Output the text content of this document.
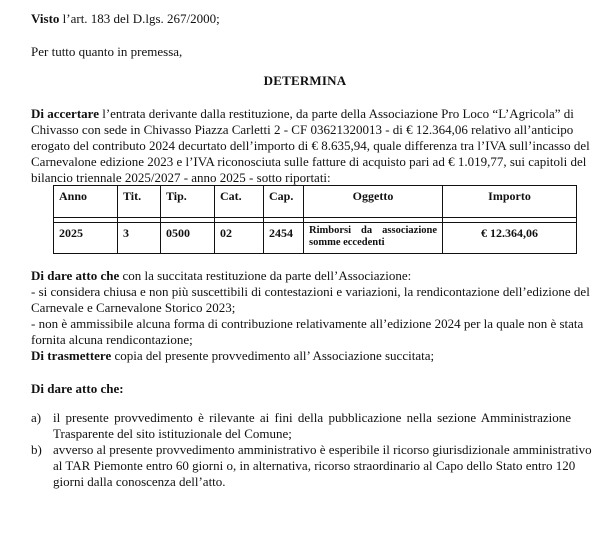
Visto l’art. 183 del D.lgs. 267/2000;
Per tutto quanto in premessa,
DETERMINA
Di accertare l’entrata derivante dalla restituzione, da parte della Associazione Pro Loco “L’Agricola” di
Chivasso con sede in Chivasso Piazza Carletti 2 - CF 03621320013 - di € 12.364,06 relativo all’anticipo
erogato del contributo 2024 decurtato dell’importo di € 8.635,94, quale differenza tra l’IVA sull’incasso del
Carnevalone edizione 2023 e l’IVA riconosciuta sulle fatture di acquisto pari ad € 1.019,77, sui capitoli del
bilancio triennale 2025/2027 - anno 2025 - sotto riportati:
Anno	Tit.	Tip.	Cat.	Cap.	Oggetto	Importo

2025	3	0500	02	2454	Rimborsi da associazione
somme eccedenti	€ 12.364,06
Di dare atto che con la succitata restituzione da parte dell’Associazione:
- si considera chiusa e non più suscettibili di contestazioni e variazioni, la rendicontazione dell’edizione del
Carnevale e Carnevalone Storico 2023;
- non è ammissibile alcuna forma di contribuzione relativamente all’edizione 2024 per la quale non è stata
fornita alcuna rendicontazione;
Di trasmettere copia del presente provvedimento all’ Associazione succitata;
Di dare atto che:
a) il presente provvedimento è rilevante ai fini della pubblicazione nella sezione Amministrazione
Trasparente del sito istituzionale del Comune;
b) avverso al presente provvedimento amministrativo è esperibile il ricorso giurisdizionale amministrativo
al TAR Piemonte entro 60 giorni o, in alternativa, ricorso straordinario al Capo dello Stato entro 120
giorni dalla conoscenza dell’atto.
